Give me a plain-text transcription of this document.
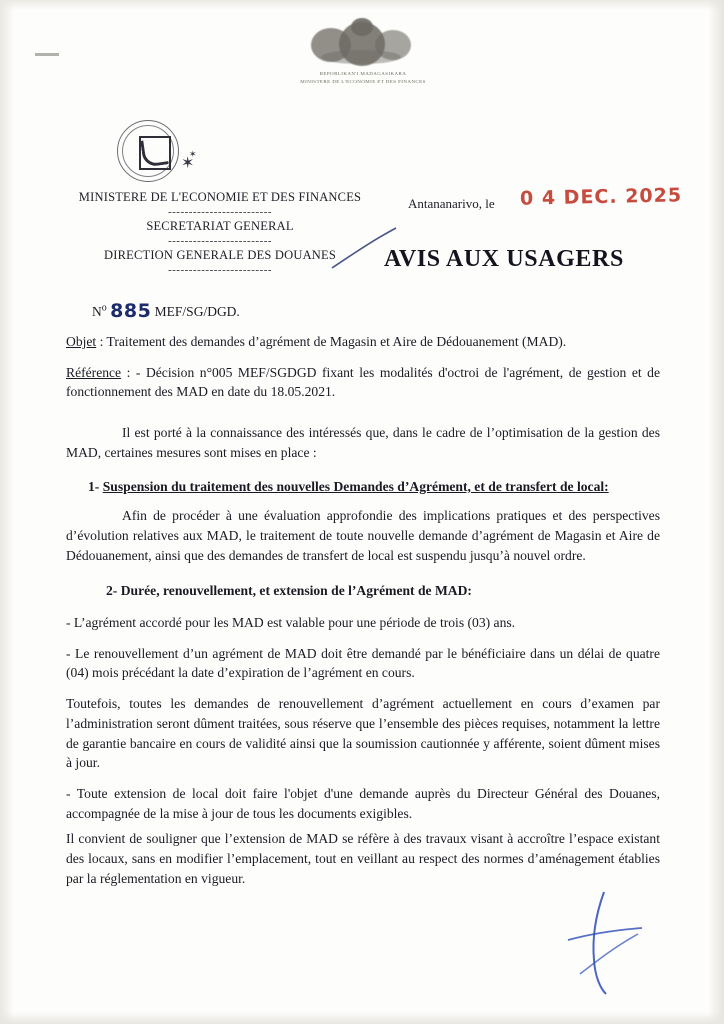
REPOBLIKAN'I MADAGASIKARA
MINISTERE DE L'ECONOMIE ET DES FINANCES
✶
✶
MINISTERE DE L'ECONOMIE ET DES FINANCES
-------------------------
SECRETARIAT GENERAL
-------------------------
DIRECTION GENERALE DES DOUANES
-------------------------
Antananarivo, le 0 4 DEC. 2025
AVIS AUX USAGERS
$N^o$ 885 MEF/SG/DGD.

Objet : Traitement des demandes d’agrément de Magasin et Aire de Dédouanement (MAD).

Référence : - Décision n°005 MEF/SGDGD fixant les modalités d'octroi de l'agrément, de gestion et de fonctionnement des MAD en date du 18.05.2021.

Il est porté à la connaissance des intéressés que, dans le cadre de l’optimisation de la gestion des MAD, certaines mesures sont mises en place :

1- Suspension du traitement des nouvelles Demandes d’Agrément, et de transfert de local:

Afin de procéder à une évaluation approfondie des implications pratiques et des perspectives d’évolution relatives aux MAD, le traitement de toute nouvelle demande d’agrément de Magasin et Aire de Dédouanement, ainsi que des demandes de transfert de local est suspendu jusqu’à nouvel ordre.

2- Durée, renouvellement, et extension de l’Agrément de MAD:

- L’agrément accordé pour les MAD est valable pour une période de trois (03) ans.

- Le renouvellement d’un agrément de MAD doit être demandé par le bénéficiaire dans un délai de quatre (04) mois précédant la date d’expiration de l’agrément en cours.

Toutefois, toutes les demandes de renouvellement d’agrément actuellement en cours d’examen par l’administration seront dûment traitées, sous réserve que l’ensemble des pièces requises, notamment la lettre de garantie bancaire en cours de validité ainsi que la soumission cautionnée y afférente, soient dûment mises à jour.

- Toute extension de local doit faire l'objet d'une demande auprès du Directeur Général des Douanes, accompagnée de la mise à jour de tous les documents exigibles.

Il convient de souligner que l’extension de MAD se réfère à des travaux visant à accroître l’espace existant des locaux, sans en modifier l’emplacement, tout en veillant au respect des normes d’aménagement établies par la réglementation en vigueur.
